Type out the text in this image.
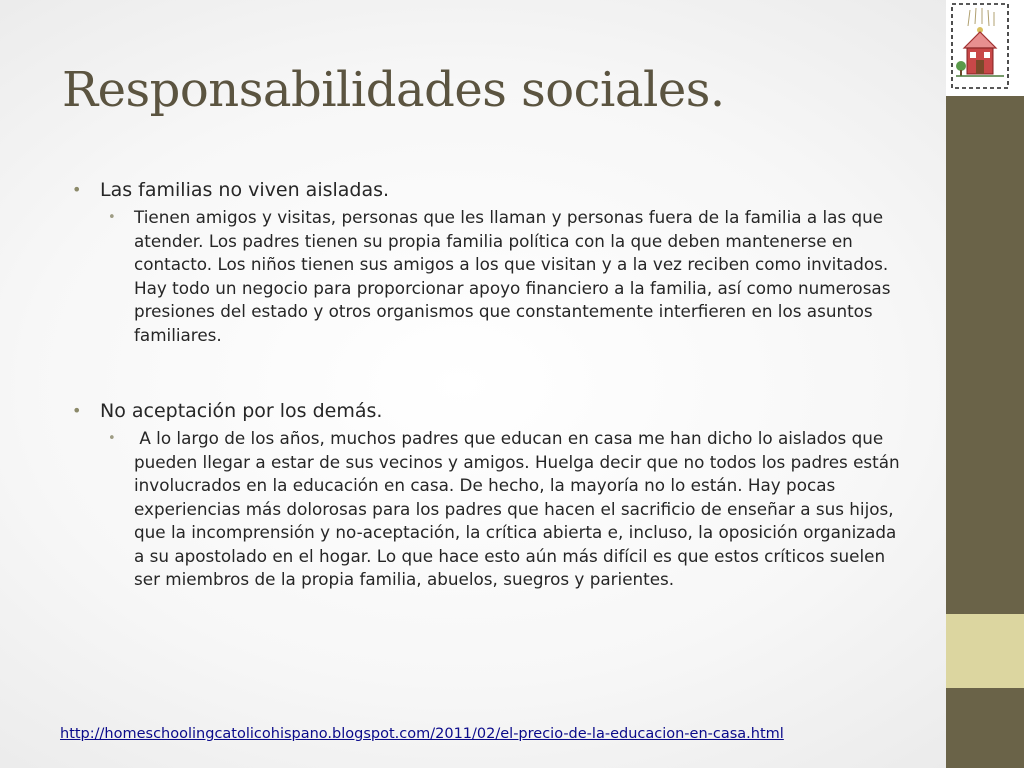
Responsabilidades sociales.
• Las familias no viven aisladas.
• Tienen amigos y visitas, personas que les llaman y personas fuera de la familia a las que atender. Los padres tienen su propia familia política con la que deben mantenerse en contacto. Los niños tienen sus amigos a los que visitan y a la vez reciben como invitados. Hay todo un negocio para proporcionar apoyo financiero a la familia, así como numerosas presiones del estado y otros organismos que constantemente interfieren en los asuntos familiares.
• No aceptación por los demás.
• A lo largo de los años, muchos padres que educan en casa me han dicho lo aislados que pueden llegar a estar de sus vecinos y amigos. Huelga decir que no todos los padres están involucrados en la educación en casa. De hecho, la mayoría no lo están. Hay pocas experiencias más dolorosas para los padres que hacen el sacrificio de enseñar a sus hijos, que la incomprensión y no-aceptación, la crítica abierta e, incluso, la oposición organizada a su apostolado en el hogar. Lo que hace esto aún más difícil es que estos críticos suelen ser miembros de la propia familia, abuelos, suegros y parientes.
http://homeschoolingcatolicohispano.blogspot.com/2011/02/el-precio-de-la-educacion-en-casa.html
